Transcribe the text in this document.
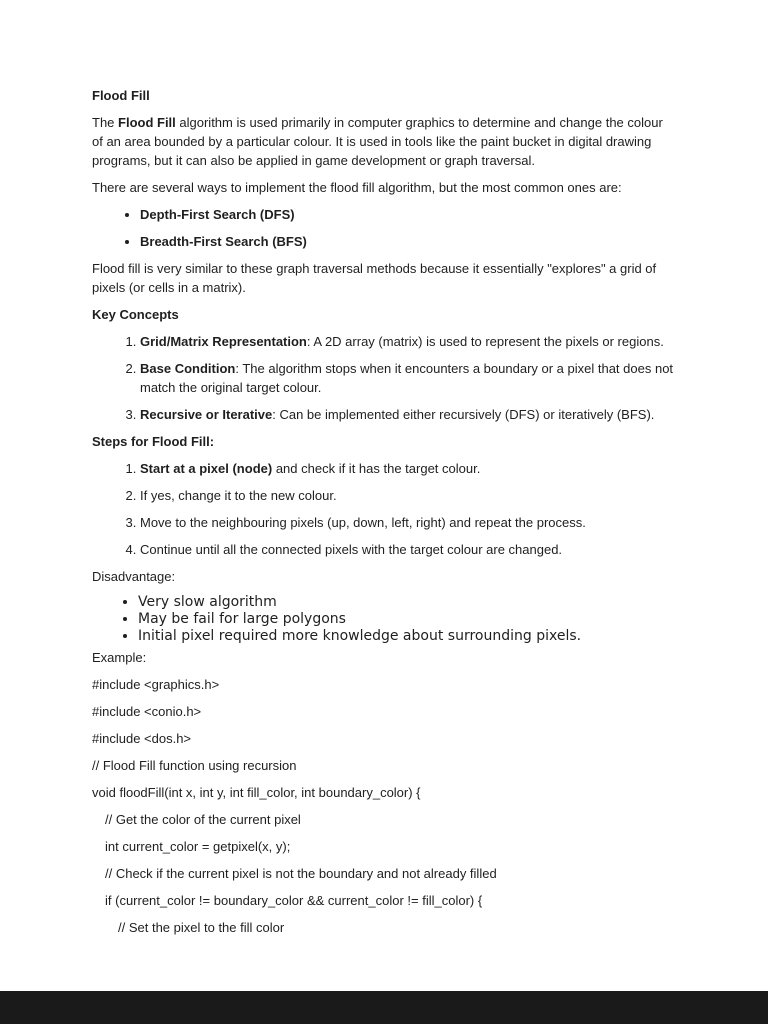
Flood Fill

The Flood Fill algorithm is used primarily in computer graphics to determine and change the colour of an area bounded by a particular colour. It is used in tools like the paint bucket in digital drawing programs, but it can also be applied in game development or graph traversal.

There are several ways to implement the flood fill algorithm, but the most common ones are:

• Depth-First Search (DFS)
• Breadth-First Search (BFS)

Flood fill is very similar to these graph traversal methods because it essentially "explores" a grid of pixels (or cells in a matrix).

Key Concepts
1. Grid/Matrix Representation: A 2D array (matrix) is used to represent the pixels or regions.
2. Base Condition: The algorithm stops when it encounters a boundary or a pixel that does not match the original target colour.
3. Recursive or Iterative: Can be implemented either recursively (DFS) or iteratively (BFS).
Steps for Flood Fill:
1. Start at a pixel (node) and check if it has the target colour.
2. If yes, change it to the new colour.
3. Move to the neighbouring pixels (up, down, left, right) and repeat the process.
4. Continue until all the connected pixels with the target colour are changed.

Disadvantage:

• Very slow algorithm
• May be fail for large polygons
• Initial pixel required more knowledge about surrounding pixels.

Example:

#include <graphics.h>

#include <conio.h>

#include <dos.h>

// Flood Fill function using recursion

void floodFill(int x, int y, int fill_color, int boundary_color) {

// Get the color of the current pixel

int current_color = getpixel(x, y);

// Check if the current pixel is not the boundary and not already filled

if (current_color != boundary_color && current_color != fill_color) {

// Set the pixel to the fill color
